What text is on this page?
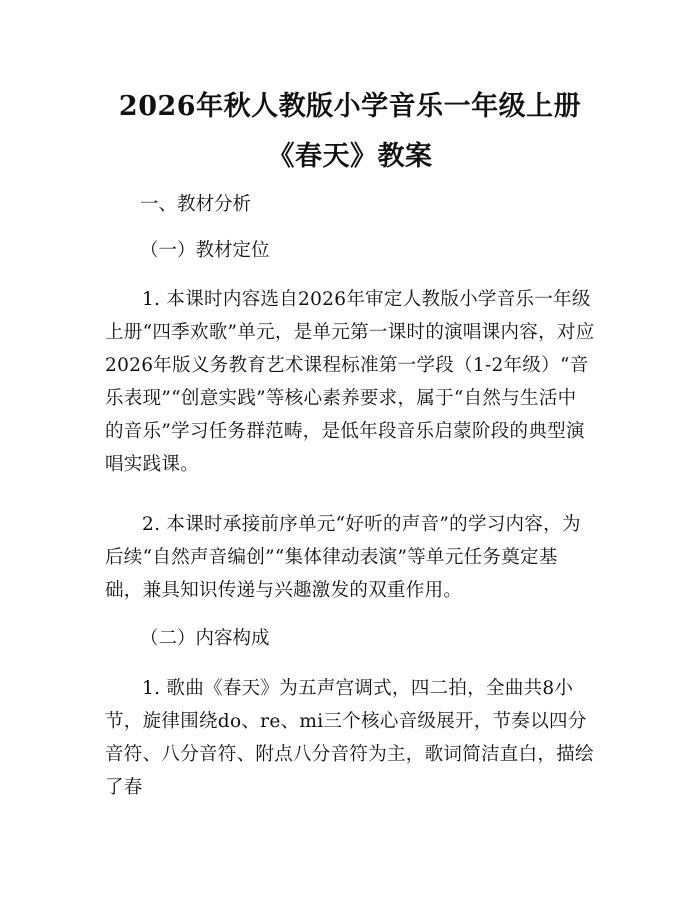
2026年秋人教版小学音乐一年级上册《春天》教案
一、教材分析
（一）教材定位

1. 本课时内容选自2026年审定人教版小学音乐一年级上册“四季欢歌”单元，是单元第一课时的演唱课内容，对应2026年版义务教育艺术课程标准第一学段（1-2年级）“音乐表现”“创意实践”等核心素养要求，属于“自然与生活中的音乐”学习任务群范畴，是低年段音乐启蒙阶段的典型演唱实践课。

2. 本课时承接前序单元“好听的声音”的学习内容，为后续“自然声音编创”“集体律动表演”等单元任务奠定基础，兼具知识传递与兴趣激发的双重作用。

（二）内容构成

1. 歌曲《春天》为五声宫调式，四二拍，全曲共8小节，旋律围绕do、re、mi三个核心音级展开，节奏以四分音符、八分音符、附点八分音符为主，歌词简洁直白，描绘了春
